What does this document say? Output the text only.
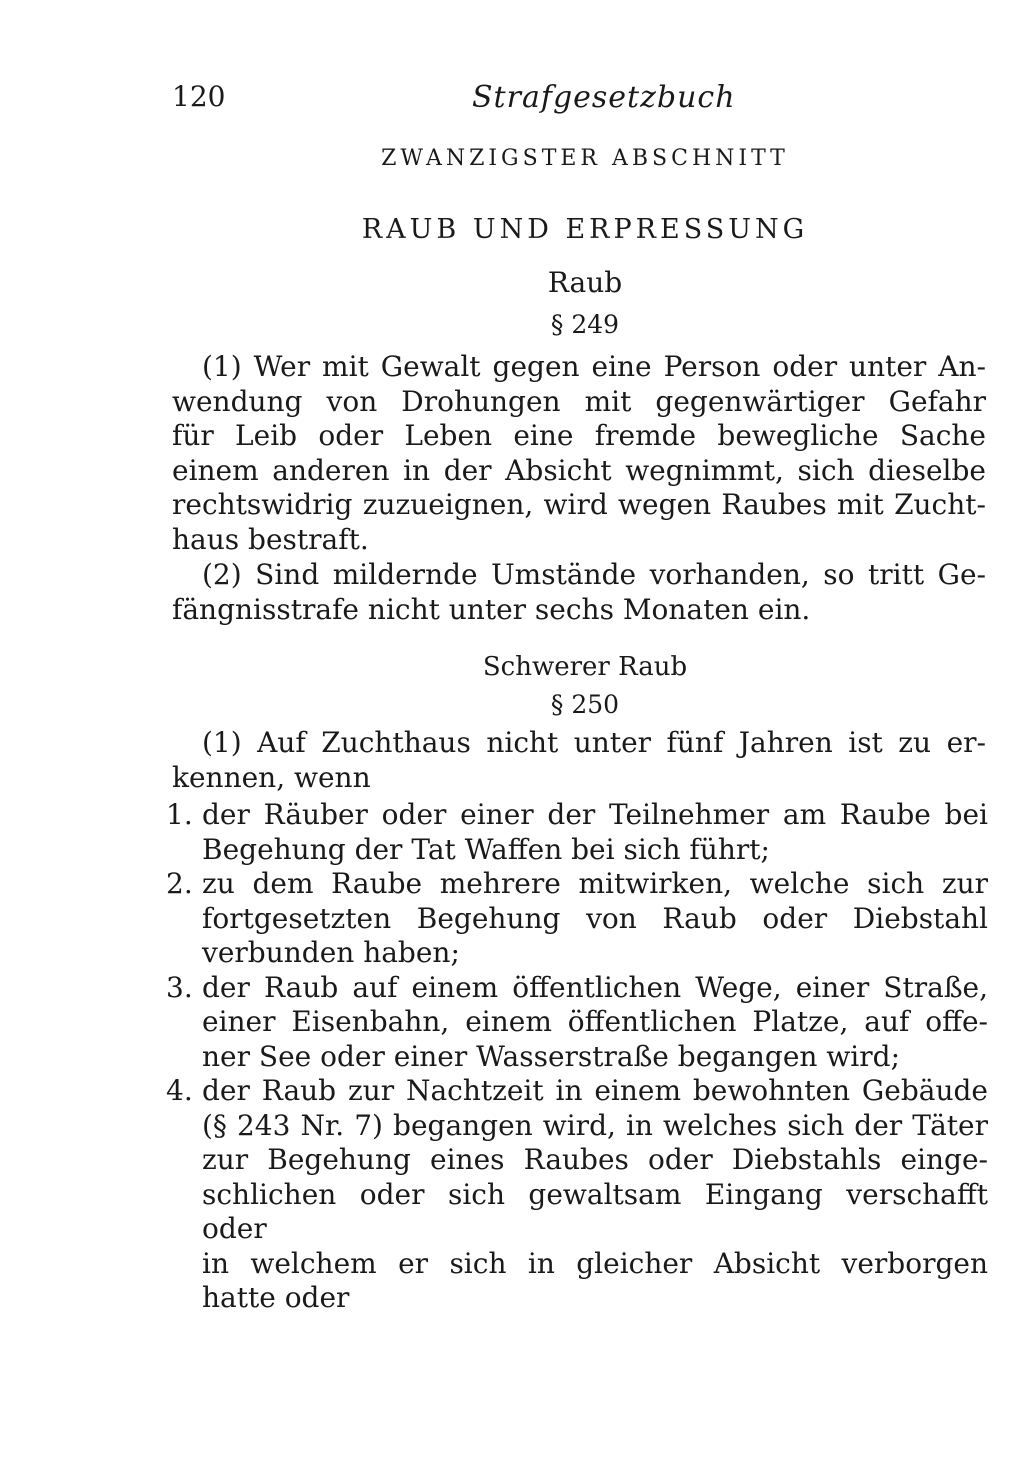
120	Strafgesetzbuch
ZWANZIGSTER ABSCHNITT
RAUB UND ERPRESSUNG
Raub
§ 249
(1) Wer mit Gewalt gegen eine Person oder unter An-
wendung von Drohungen mit gegenwärtiger Gefahr
für Leib oder Leben eine fremde bewegliche Sache
einem anderen in der Absicht wegnimmt, sich dieselbe
rechtswidrig zuzueignen, wird wegen Raubes mit Zucht-
haus bestraft.
(2) Sind mildernde Umstände vorhanden, so tritt Ge-
fängnisstrafe nicht unter sechs Monaten ein.
Schwerer Raub
§ 250
(1) Auf Zuchthaus nicht unter fünf Jahren ist zu er-
kennen, wenn
1. der Räuber oder einer der Teilnehmer am Raube bei
Begehung der Tat Waffen bei sich führt;
2. zu dem Raube mehrere mitwirken, welche sich zur
fortgesetzten Begehung von Raub oder Diebstahl
verbunden haben;
3. der Raub auf einem öffentlichen Wege, einer Straße,
einer Eisenbahn, einem öffentlichen Platze, auf offe-
ner See oder einer Wasserstraße begangen wird;
4. der Raub zur Nachtzeit in einem bewohnten Gebäude
(§ 243 Nr. 7) begangen wird, in welches sich der Täter
zur Begehung eines Raubes oder Diebstahls einge-
schlichen oder sich gewaltsam Eingang verschafft oder
in welchem er sich in gleicher Absicht verborgen
hatte oder
